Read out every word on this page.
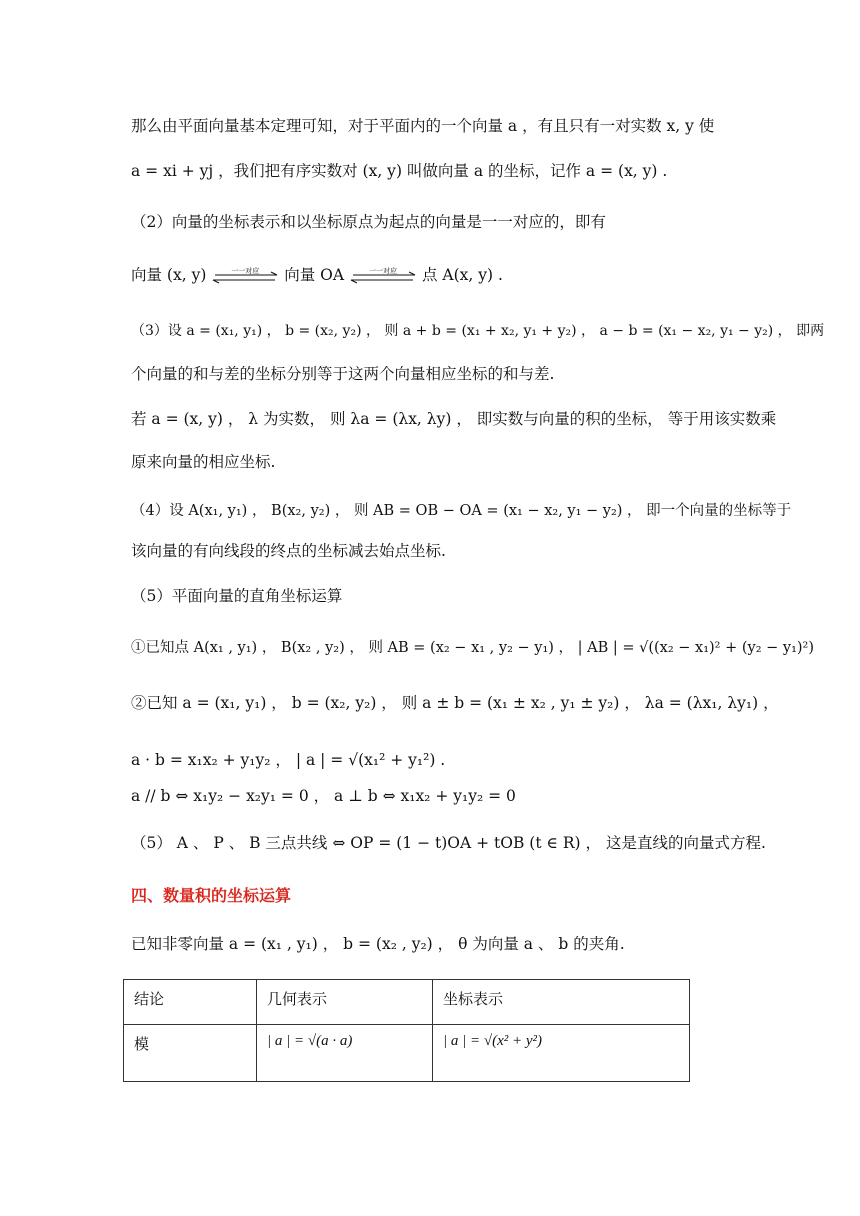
那么由平面向量基本定理可知，对于平面内的一个向量 a ，有且只有一对实数 x, y 使
a = xi + yj ，我们把有序实数对 (x, y) 叫做向量 a 的坐标，记作 a = (x, y) .
（2）向量的坐标表示和以坐标原点为起点的向量是一一对应的，即有
向量 (x, y)	一一对应	向量 OA	一一对应	点 A(x, y) .
（3）设 a = (x₁, y₁) ， b = (x₂, y₂) ， 则 a + b = (x₁ + x₂, y₁ + y₂) ， a − b = (x₁ − x₂, y₁ − y₂) ， 即两
个向量的和与差的坐标分别等于这两个向量相应坐标的和与差.
若 a = (x, y) ， λ 为实数， 则 λa = (λx, λy) ， 即实数与向量的积的坐标， 等于用该实数乘
原来向量的相应坐标.
（4）设 A(x₁, y₁) ， B(x₂, y₂) ， 则 AB = OB − OA = (x₁ − x₂, y₁ − y₂) ， 即一个向量的坐标等于
该向量的有向线段的终点的坐标减去始点坐标.
（5）平面向量的直角坐标运算
①已知点 A(x₁ , y₁) ， B(x₂ , y₂) ， 则 AB = (x₂ − x₁ , y₂ − y₁) ， | AB | = √((x₂ − x₁)² + (y₂ − y₁)²)
②已知 a = (x₁, y₁) ， b = (x₂, y₂) ， 则 a ± b = (x₁ ± x₂ , y₁ ± y₂) ， λa = (λx₁, λy₁) ，
a · b = x₁x₂ + y₁y₂ ， | a | = √(x₁² + y₁²) .
a // b ⇔ x₁y₂ − x₂y₁ = 0 ， a ⊥ b ⇔ x₁x₂ + y₁y₂ = 0
（5） A 、 P 、 B 三点共线 ⇔ OP = (1 − t)OA + tOB (t ∈ R) ， 这是直线的向量式方程.
四、数量积的坐标运算
已知非零向量 a = (x₁ , y₁) ， b = (x₂ , y₂) ， θ 为向量 a 、 b 的夹角.
结论	几何表示	坐标表示
模	| a | = √(a · a)	| a | = √(x² + y²)
